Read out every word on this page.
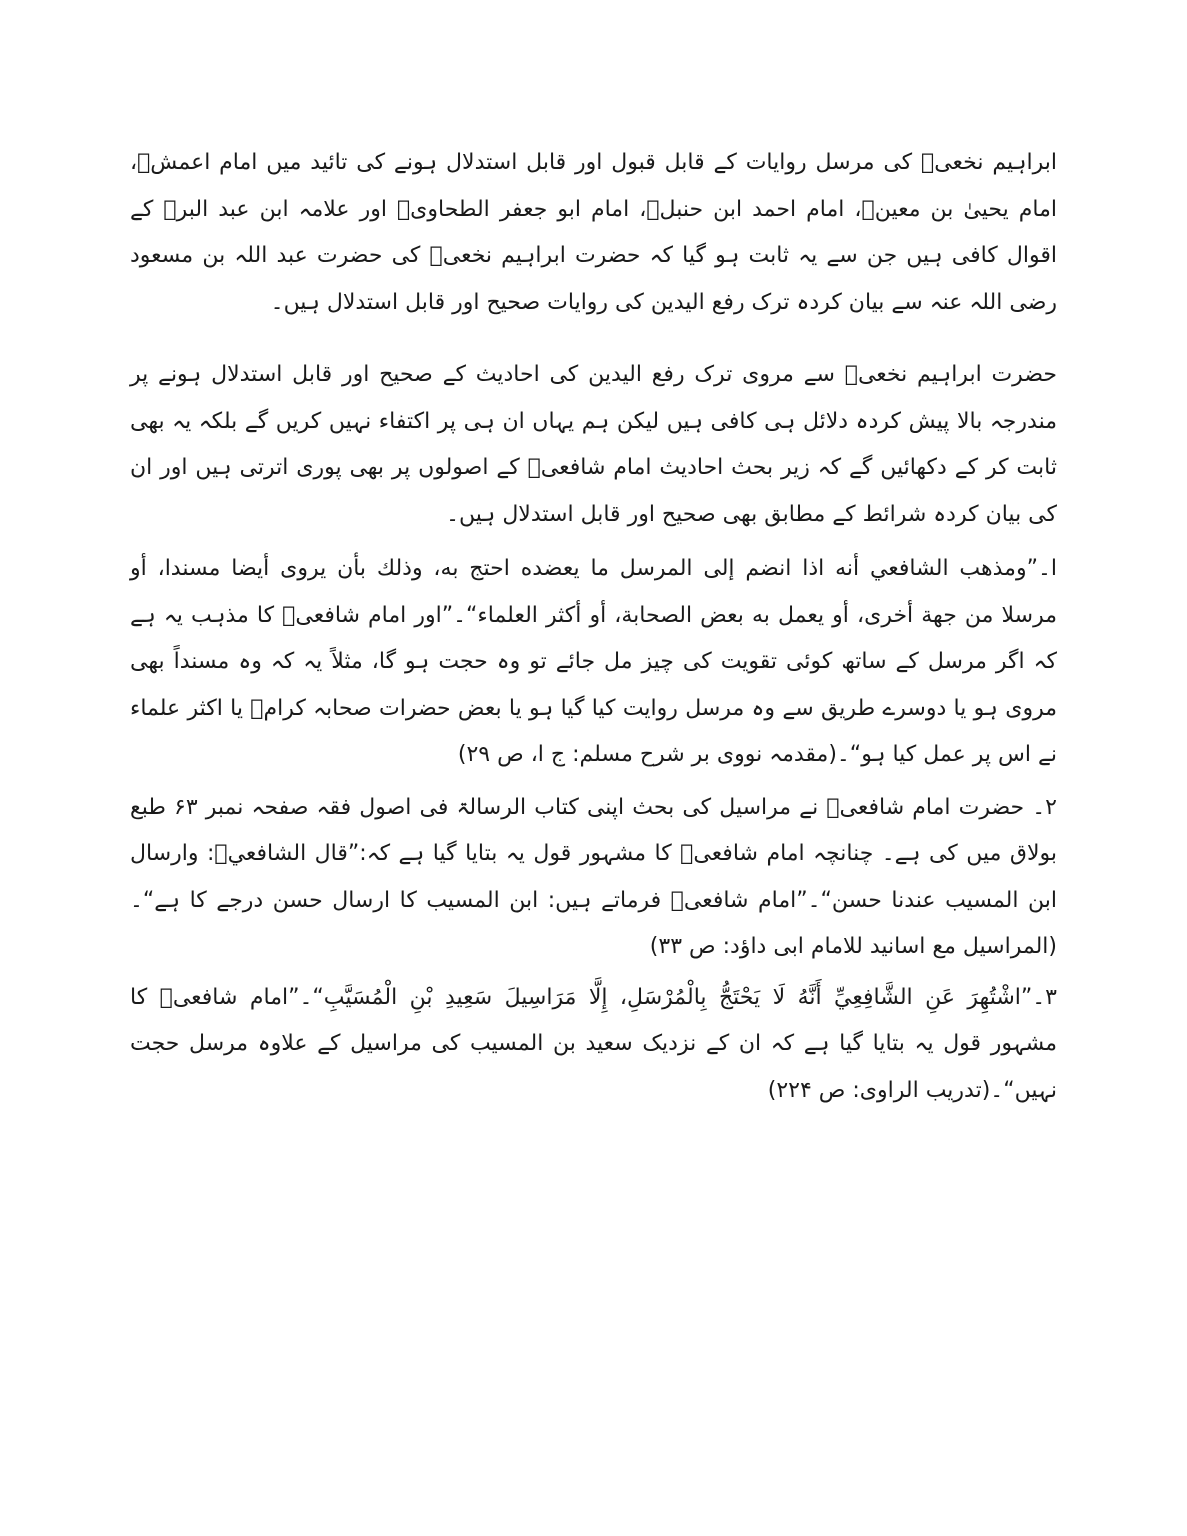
ابراہیم نخعیؒ کی مرسل روایات کے قابل قبول اور قابل استدلال ہونے کی تائید میں امام اعمشؒ، امام یحییٰ بن معینؒ، امام احمد ابن حنبلؒ، امام ابو جعفر الطحاویؒ اور علامہ ابن عبد البرؒ کے اقوال کافی ہیں جن سے یہ ثابت ہو گیا کہ حضرت ابراہیم نخعیؒ کی حضرت عبد اللہ بن مسعود رضی اللہ عنہ سے بیان کردہ ترک رفع الیدین کی روایات صحیح اور قابل استدلال ہیں۔

حضرت ابراہیم نخعیؒ سے مروی ترک رفع الیدین کی احادیث کے صحیح اور قابل استدلال ہونے پر مندرجہ بالا پیش کردہ دلائل ہی کافی ہیں لیکن ہم یہاں ان ہی پر اکتفاء نہیں کریں گے بلکہ یہ بھی ثابت کر کے دکھائیں گے کہ زیر بحث احادیث امام شافعیؒ کے اصولوں پر بھی پوری اترتی ہیں اور ان کی بیان کردہ شرائط کے مطابق بھی صحیح اور قابل استدلال ہیں۔

ا۔”ومذهب الشافعي أنه اذا انضم إلى المرسل ما يعضده احتج به، وذلك بأن يروى أيضا مسندا، أو مرسلا من جهة أخرى، أو يعمل به بعض الصحابة، أو أكثر العلماء“۔”اور امام شافعیؒ کا مذہب یہ ہے کہ اگر مرسل کے ساتھ کوئی تقویت کی چیز مل جائے تو وہ حجت ہو گا، مثلاً یہ کہ وہ مسنداً بھی مروی ہو یا دوسرے طریق سے وہ مرسل روایت کیا گیا ہو یا بعض حضرات صحابہ کرامؓ یا اکثر علماء نے اس پر عمل کیا ہو“۔(مقدمہ نووی بر شرح مسلم: ج ا، ص ۲۹)

۲۔ حضرت امام شافعیؒ نے مراسیل کی بحث اپنی کتاب الرسالۃ فی اصول فقہ صفحہ نمبر ۶۳ طبع بولاق میں کی ہے۔ چنانچہ امام شافعیؒ کا مشہور قول یہ بتایا گیا ہے کہ:”قال الشافعيؒ: وارسال ابن المسيب عندنا حسن“۔”امام شافعیؒ فرماتے ہیں: ابن المسیب کا ارسال حسن درجے کا ہے“۔(المراسیل مع اسانید للامام ابی داؤد: ص ۳۳)

۳۔”اشْتُهِرَ عَنِ الشَّافِعِيِّ أَنَّهُ لَا يَحْتَجُّ بِالْمُرْسَلِ، إِلَّا مَرَاسِيلَ سَعِيدِ بْنِ الْمُسَيَّبِ“۔”امام شافعیؒ کا مشہور قول یہ بتایا گیا ہے کہ ان کے نزدیک سعید بن المسیب کی مراسیل کے علاوہ مرسل حجت نہیں“۔(تدریب الراوی: ص ۲۲۴)
